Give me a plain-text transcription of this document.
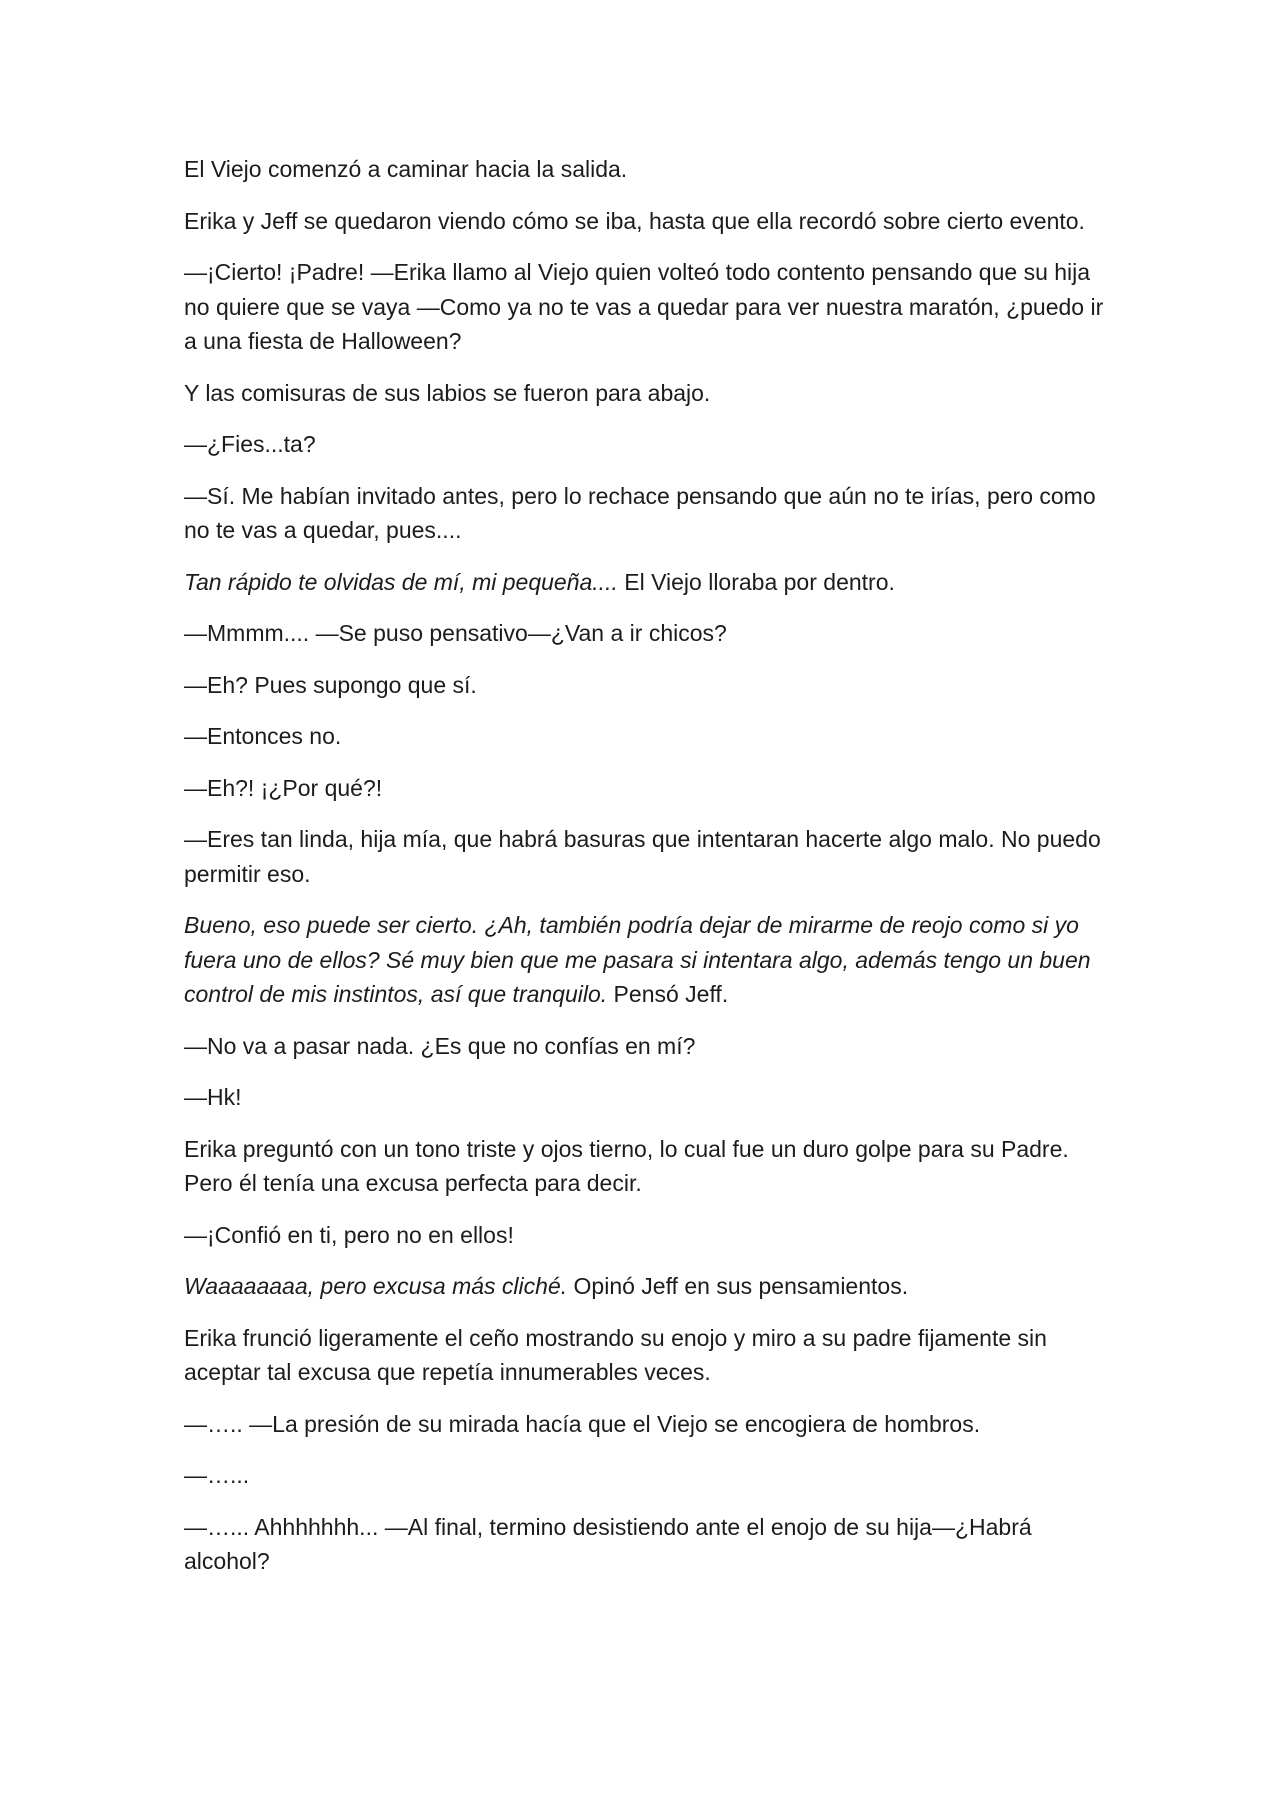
El Viejo comenzó a caminar hacia la salida.

Erika y Jeff se quedaron viendo cómo se iba, hasta que ella recordó sobre cierto evento.

—¡Cierto! ¡Padre! —Erika llamo al Viejo quien volteó todo contento pensando que su hija no quiere que se vaya —Como ya no te vas a quedar para ver nuestra maratón, ¿puedo ir a una fiesta de Halloween?

Y las comisuras de sus labios se fueron para abajo.

—¿Fies...ta?

—Sí. Me habían invitado antes, pero lo rechace pensando que aún no te irías, pero como no te vas a quedar, pues....

Tan rápido te olvidas de mí, mi pequeña.... El Viejo lloraba por dentro.

—Mmmm.... —Se puso pensativo—¿Van a ir chicos?

—Eh? Pues supongo que sí.

—Entonces no.

—Eh?! ¡¿Por qué?!

—Eres tan linda, hija mía, que habrá basuras que intentaran hacerte algo malo. No puedo permitir eso.

Bueno, eso puede ser cierto. ¿Ah, también podría dejar de mirarme de reojo como si yo fuera uno de ellos? Sé muy bien que me pasara si intentara algo, además tengo un buen control de mis instintos, así que tranquilo. Pensó Jeff.

—No va a pasar nada. ¿Es que no confías en mí?

—Hk!

Erika preguntó con un tono triste y ojos tierno, lo cual fue un duro golpe para su Padre. Pero él tenía una excusa perfecta para decir.

—¡Confió en ti, pero no en ellos!

Waaaaaaaa, pero excusa más cliché. Opinó Jeff en sus pensamientos.

Erika frunció ligeramente el ceño mostrando su enojo y miro a su padre fijamente sin aceptar tal excusa que repetía innumerables veces.

—….. —La presión de su mirada hacía que el Viejo se encogiera de hombros.

—…...

—…... Ahhhhhhh... —Al final, termino desistiendo ante el enojo de su hija—¿Habrá alcohol?
